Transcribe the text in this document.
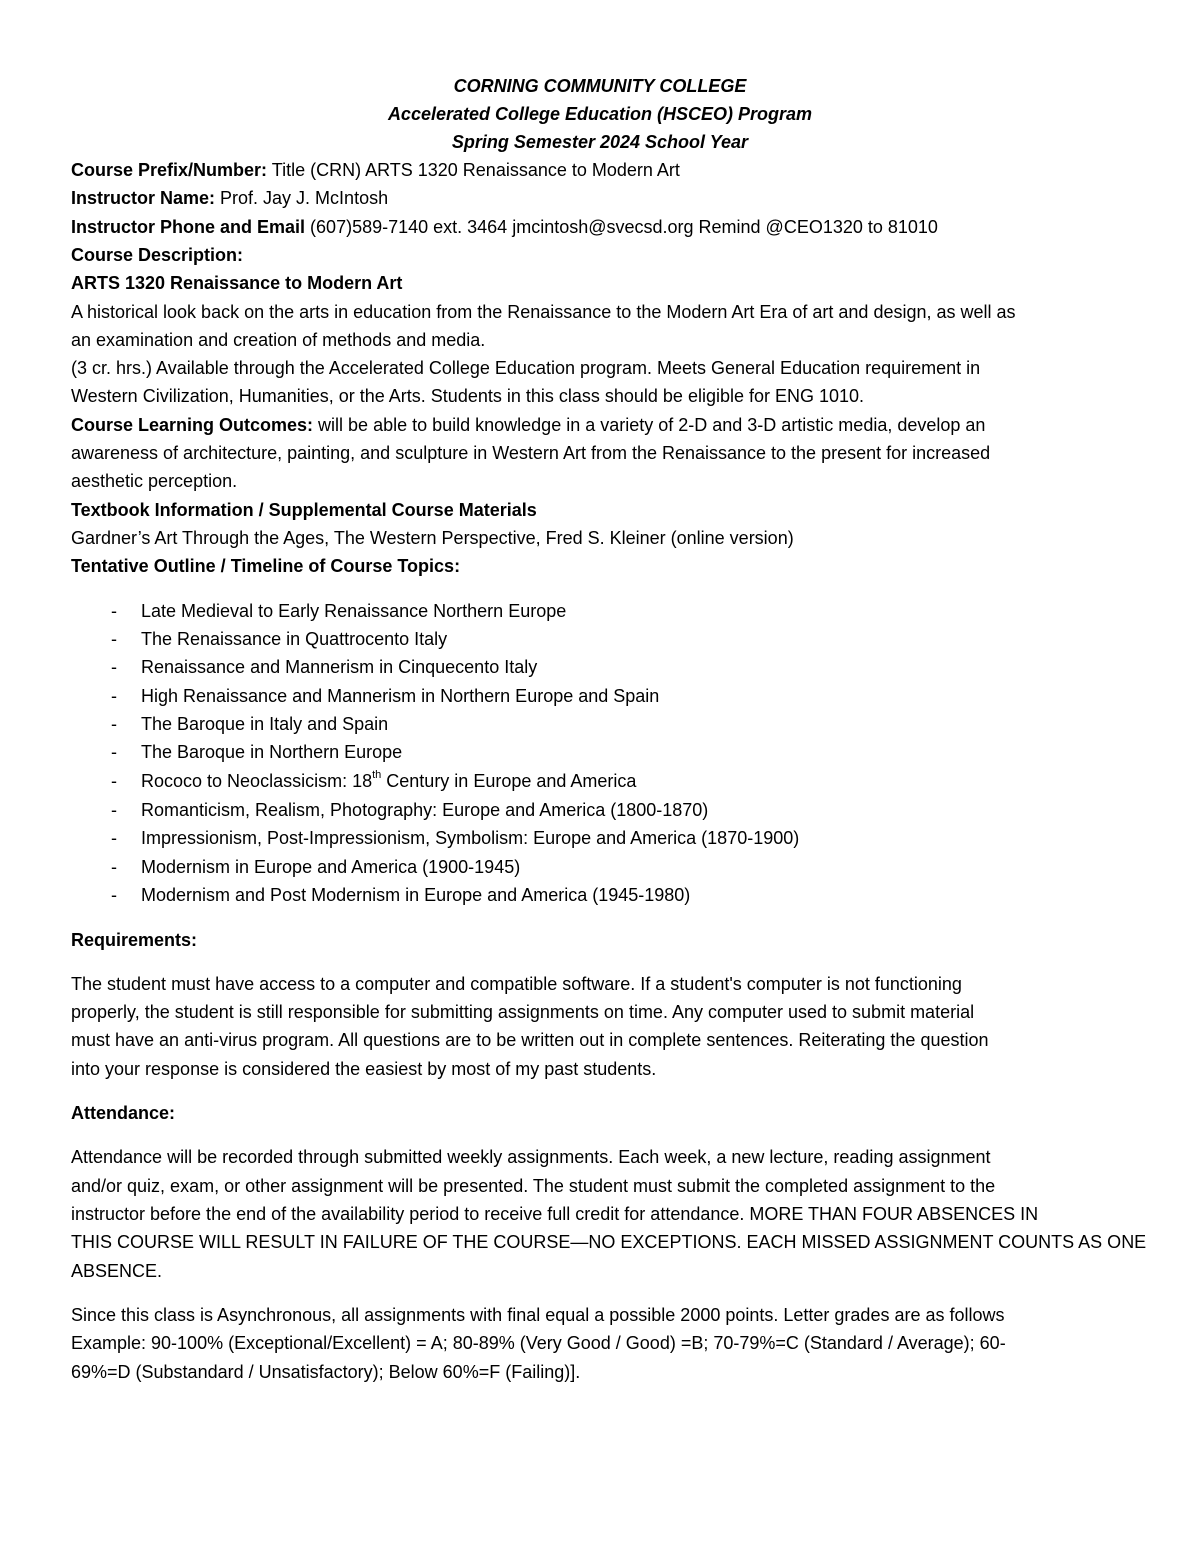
CORNING COMMUNITY COLLEGE
Accelerated College Education (HSCEO) Program
Spring Semester 2024 School Year
Course Prefix/Number: Title (CRN) ARTS 1320 Renaissance to Modern Art
Instructor Name: Prof. Jay J. McIntosh
Instructor Phone and Email (607)589-7140 ext. 3464 jmcintosh@svecsd.org Remind @CEO1320 to 81010
Course Description:
ARTS 1320 Renaissance to Modern Art
A historical look back on the arts in education from the Renaissance to the Modern Art Era of art and design, as well as
an examination and creation of methods and media.
(3 cr. hrs.) Available through the Accelerated College Education program. Meets General Education requirement in
Western Civilization, Humanities, or the Arts. Students in this class should be eligible for ENG 1010.
Course Learning Outcomes: will be able to build knowledge in a variety of 2-D and 3-D artistic media, develop an
awareness of architecture, painting, and sculpture in Western Art from the Renaissance to the present for increased
aesthetic perception.
Textbook Information / Supplemental Course Materials
Gardner’s Art Through the Ages, The Western Perspective, Fred S. Kleiner (online version)
Tentative Outline / Timeline of Course Topics:
- Late Medieval to Early Renaissance Northern Europe
- The Renaissance in Quattrocento Italy
- Renaissance and Mannerism in Cinquecento Italy
- High Renaissance and Mannerism in Northern Europe and Spain
- The Baroque in Italy and Spain
- The Baroque in Northern Europe
- Rococo to Neoclassicism: 18th Century in Europe and America
- Romanticism, Realism, Photography: Europe and America (1800-1870)
- Impressionism, Post-Impressionism, Symbolism: Europe and America (1870-1900)
- Modernism in Europe and America (1900-1945)
- Modernism and Post Modernism in Europe and America (1945-1980)
Requirements:
The student must have access to a computer and compatible software. If a student's computer is not functioning
properly, the student is still responsible for submitting assignments on time. Any computer used to submit material
must have an anti-virus program. All questions are to be written out in complete sentences. Reiterating the question
into your response is considered the easiest by most of my past students.
Attendance:
Attendance will be recorded through submitted weekly assignments. Each week, a new lecture, reading assignment
and/or quiz, exam, or other assignment will be presented. The student must submit the completed assignment to the
instructor before the end of the availability period to receive full credit for attendance. MORE THAN FOUR ABSENCES IN
THIS COURSE WILL RESULT IN FAILURE OF THE COURSE—NO EXCEPTIONS. EACH MISSED ASSIGNMENT COUNTS AS ONE
ABSENCE.
Since this class is Asynchronous, all assignments with final equal a possible 2000 points. Letter grades are as follows
Example: 90-100% (Exceptional/Excellent) = A; 80-89% (Very Good / Good) =B; 70-79%=C (Standard / Average); 60-
69%=D (Substandard / Unsatisfactory); Below 60%=F (Failing)].
